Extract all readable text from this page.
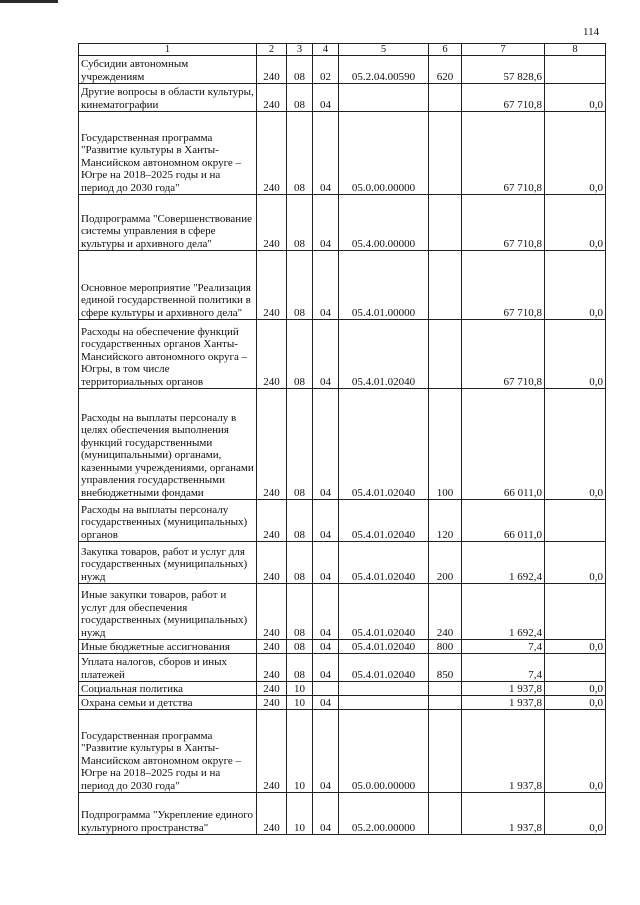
114
1	2	3	4	5	6	7	8
Субсидии автономным учреждениям	240	08	02	05.2.04.00590	620	57 828,6	
Другие вопросы в области культуры, кинематографии	240	08	04			67 710,8	0,0
Государственная программа "Развитие культуры в Ханты-Мансийском автономном округе – Югре на 2018–2025 годы и на период до 2030 года"	240	08	04	05.0.00.00000		67 710,8	0,0
Подпрограмма "Совершенствование системы управления в сфере культуры и архивного дела"	240	08	04	05.4.00.00000		67 710,8	0,0
Основное мероприятие "Реализация единой государственной политики в сфере культуры и архивного дела"	240	08	04	05.4.01.00000		67 710,8	0,0
Расходы на обеспечение функций государственных органов Ханты-Мансийского автономного округа – Югры, в том числе территориальных органов	240	08	04	05.4.01.02040		67 710,8	0,0
Расходы на выплаты персоналу в целях обеспечения выполнения функций государственными (муниципальными) органами, казенными учреждениями, органами управления государственными внебюджетными фондами	240	08	04	05.4.01.02040	100	66 011,0	0,0
Расходы на выплаты персоналу государственных (муниципальных) органов	240	08	04	05.4.01.02040	120	66 011,0	
Закупка товаров, работ и услуг для государственных (муниципальных) нужд	240	08	04	05.4.01.02040	200	1 692,4	0,0
Иные закупки товаров, работ и услуг для обеспечения государственных (муниципальных) нужд	240	08	04	05.4.01.02040	240	1 692,4	
Иные бюджетные ассигнования	240	08	04	05.4.01.02040	800	7,4	0,0
Уплата налогов, сборов и иных платежей	240	08	04	05.4.01.02040	850	7,4	
Социальная политика	240	10				1 937,8	0,0
Охрана семьи и детства	240	10	04			1 937,8	0,0
Государственная программа "Развитие культуры в Ханты-Мансийском автономном округе – Югре на 2018–2025 годы и на период до 2030 года"	240	10	04	05.0.00.00000		1 937,8	0,0
Подпрограмма "Укрепление единого культурного пространства"	240	10	04	05.2.00.00000		1 937,8	0,0
